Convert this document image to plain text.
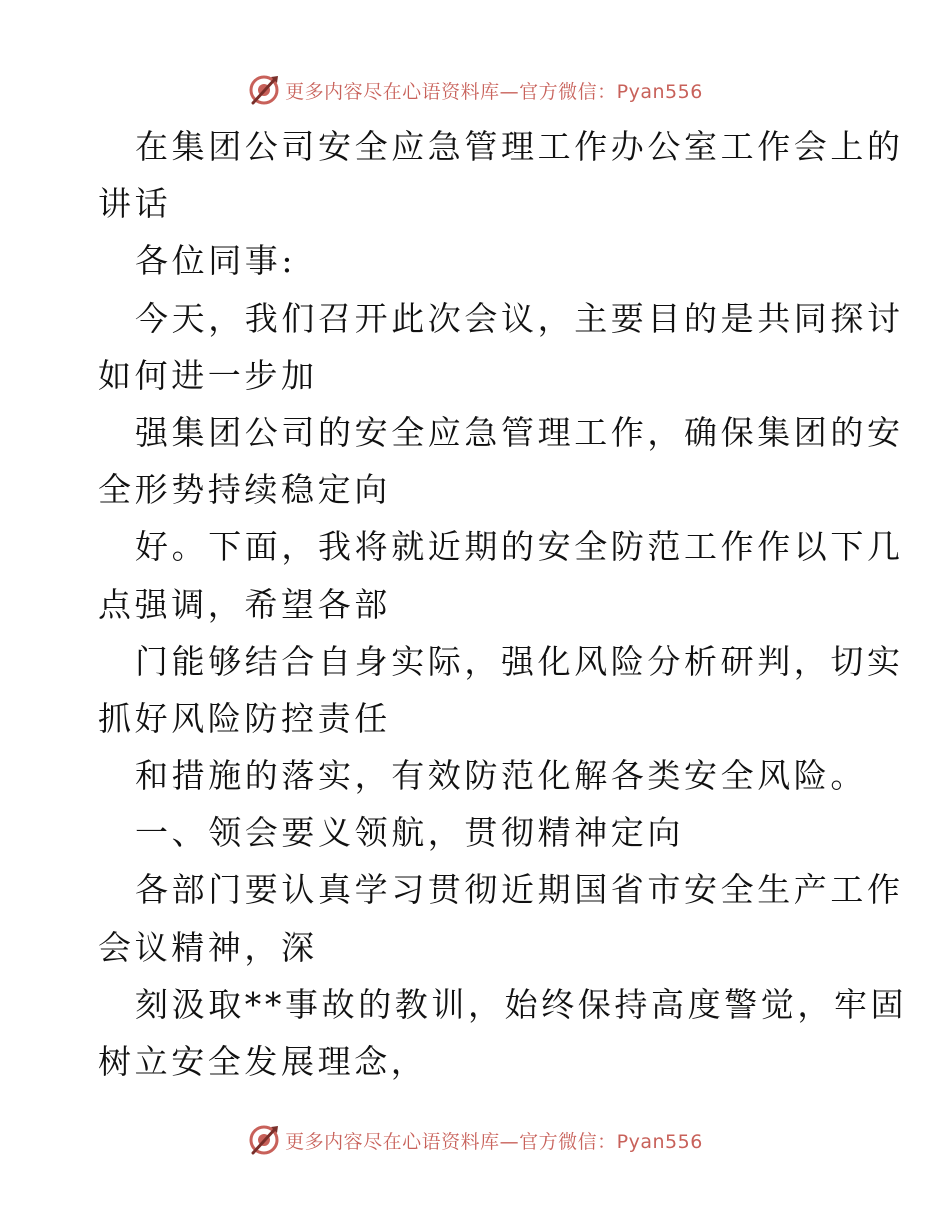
更多内容尽在心语资料库—官方微信：Pyan556
在集团公司安全应急管理工作办公室工作会上的
讲话
各位同事:
今天，我们召开此次会议，主要目的是共同探讨
如何进一步加
强集团公司的安全应急管理工作，确保集团的安
全形势持续稳定向
好。下面，我将就近期的安全防范工作作以下几
点强调，希望各部
门能够结合自身实际，强化风险分析研判，切实
抓好风险防控责任
和措施的落实，有效防范化解各类安全风险。
一、领会要义领航，贯彻精神定向
各部门要认真学习贯彻近期国省市安全生产工作
会议精神，深
刻汲取**事故的教训，始终保持高度警觉，牢固
树立安全发展理念，
更多内容尽在心语资料库—官方微信：Pyan556
